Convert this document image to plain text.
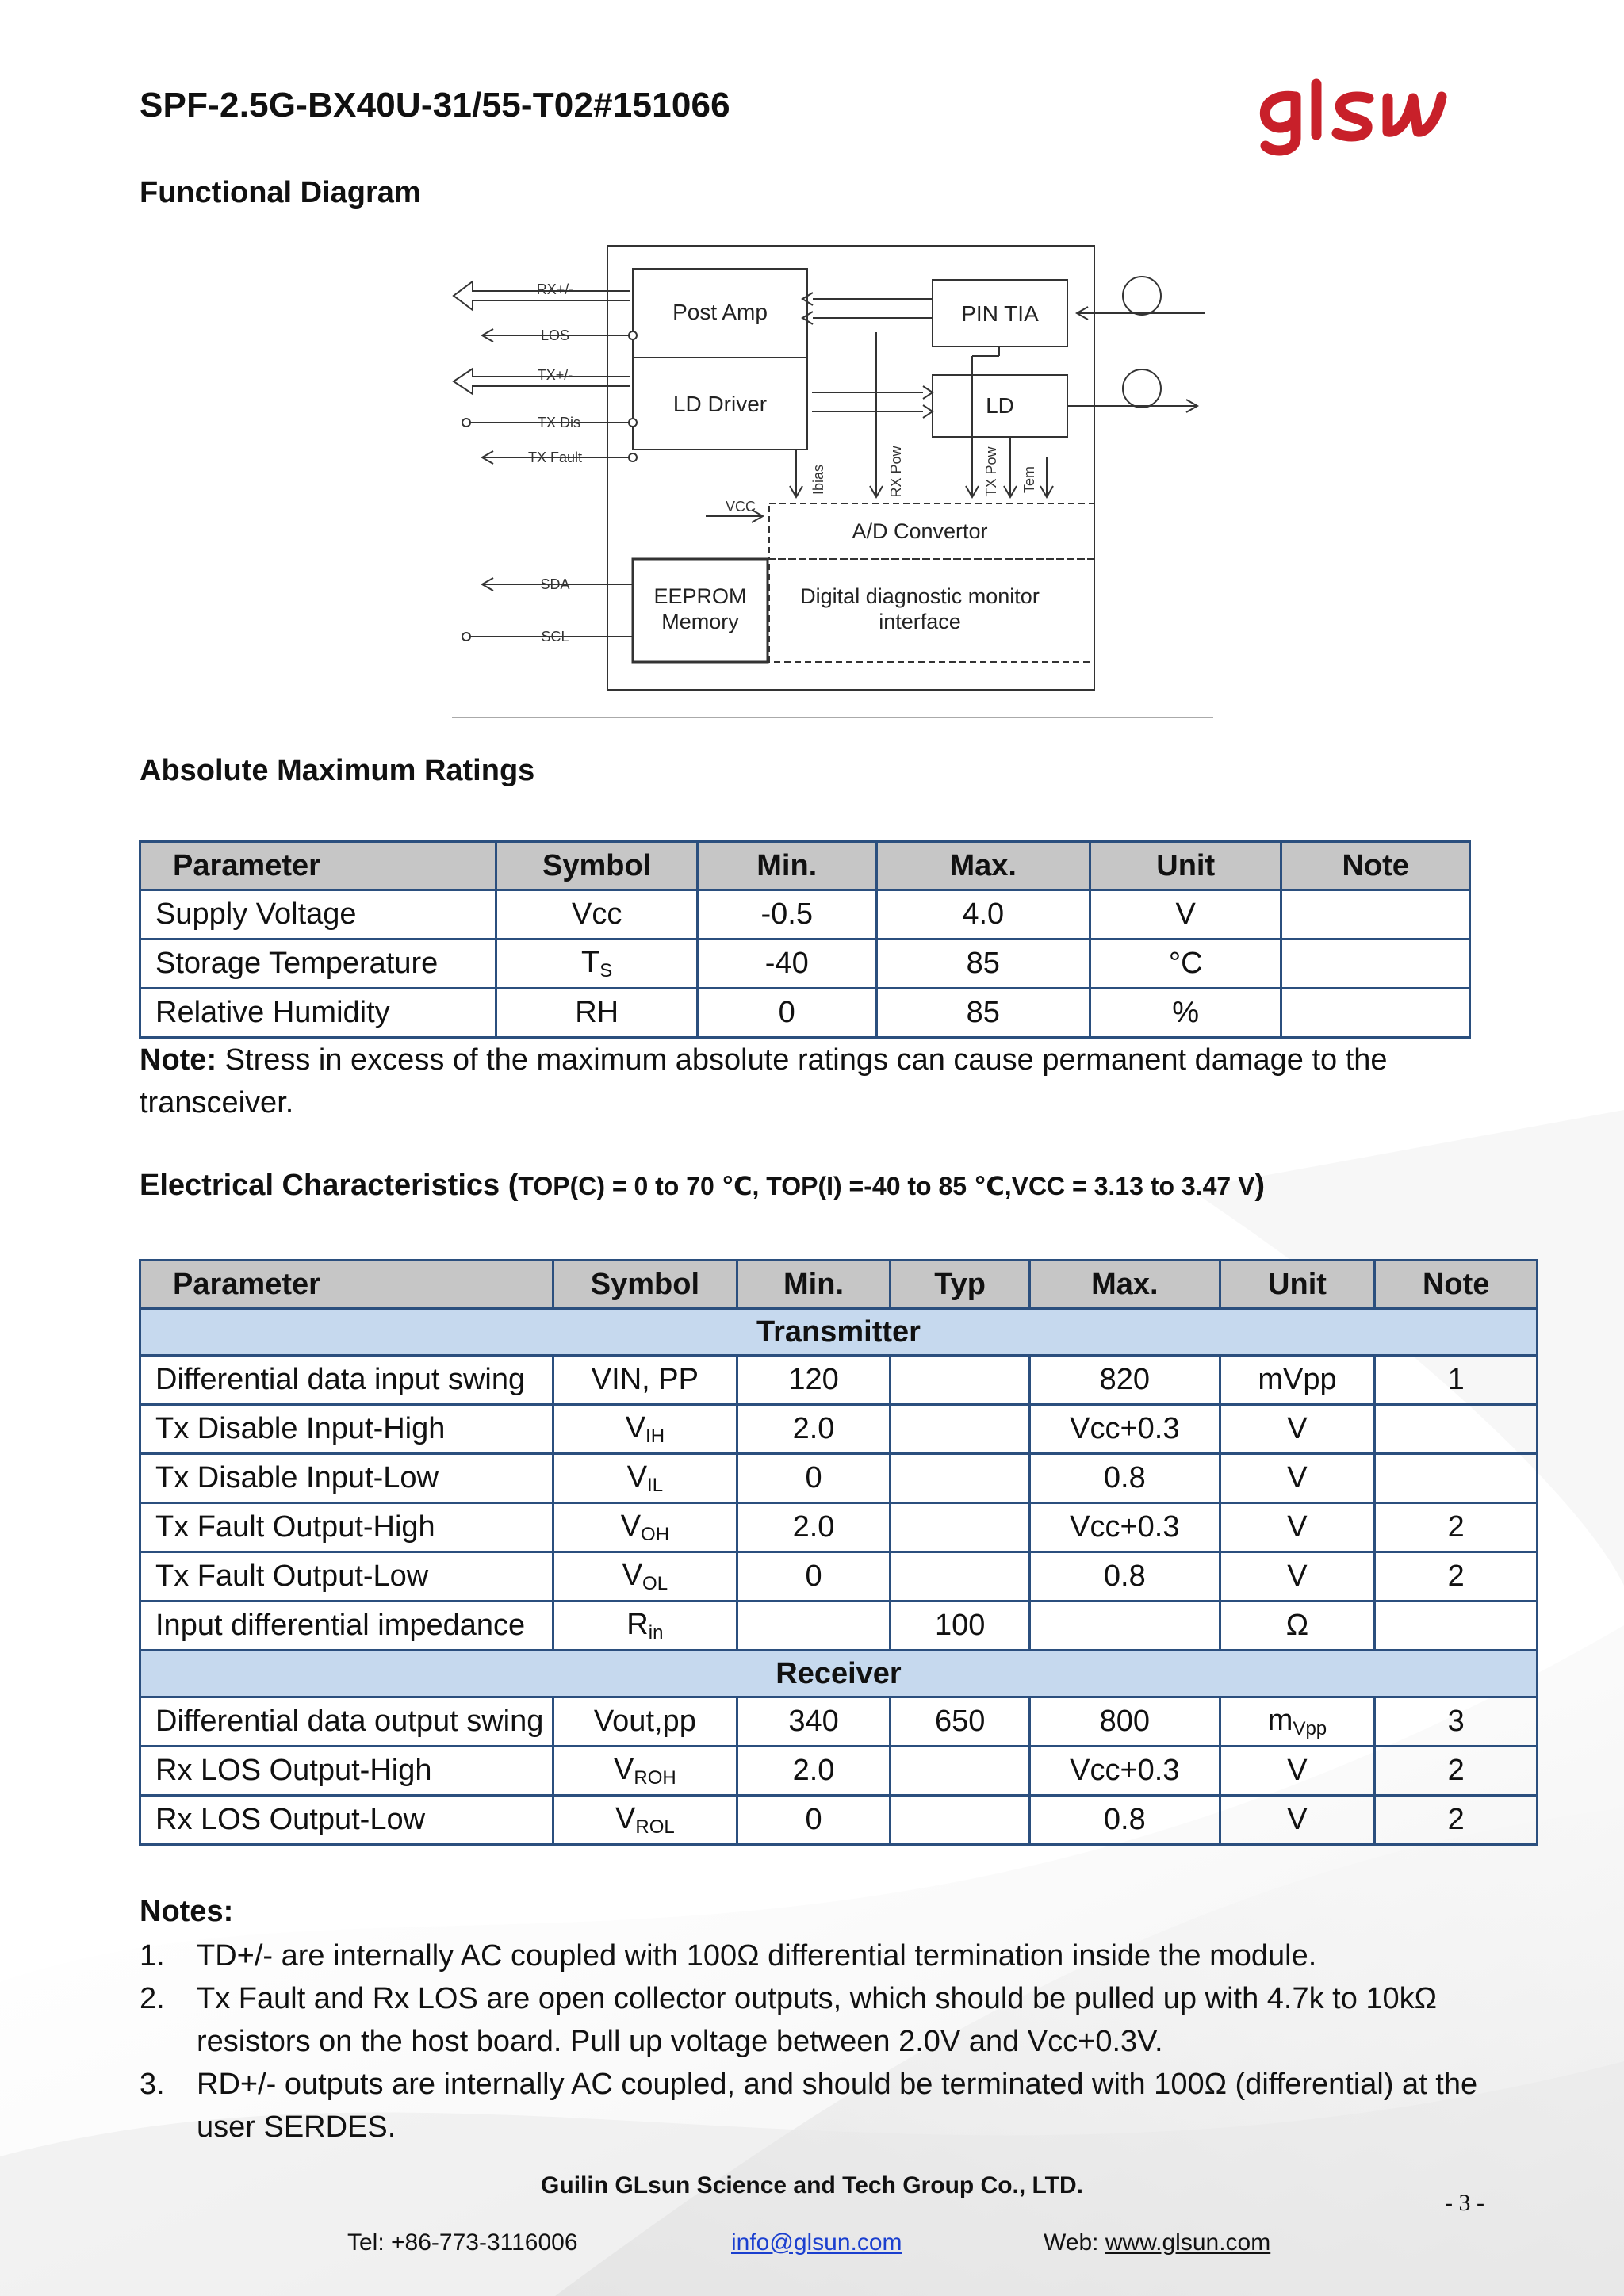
SPF-2.5G-BX40U-31/55-T02#151066
Functional Diagram
Post Amp
LD Driver
PIN TIA
LD
A/D Convertor
EEPROM
Memory
Digital diagnostic monitor
interface
RX+/-
LOS
TX+/-
TX Dis
TX Fault
VCC
SDA
SCL
Ibias	RX Pow	TX Pow Tem
Absolute Maximum Ratings
Parameter	Symbol	Min.	Max.	Unit	Note
Supply Voltage	Vcc	-0.5	4.0	V	
Storage Temperature	$T_S$	-40	85	°C	
Relative Humidity	RH	0	85	%	
Note: Stress in excess of the maximum absolute ratings can cause permanent damage to the transceiver.
Electrical Characteristics (TOP(C) = 0 to 70 ℃, TOP(I) =-40 to 85 ℃,VCC = 3.13 to 3.47 V)
Parameter	Symbol	Min.	Typ	Max.	Unit	Note
Transmitter						
Differential data input swing	VIN, PP	120		820	mVpp	1
Tx Disable Input-High	$V_{IH}$	2.0		Vcc+0.3	V	
Tx Disable Input-Low	$V_{IL}$	0		0.8	V	
Tx Fault Output-High	$V_{OH}$	2.0		Vcc+0.3	V	2
Tx Fault Output-Low	$V_{OL}$	0		0.8	V	2
Input differential impedance	$R_{in}$		100		Ω	
Receiver						
Differential data output swing	Vout,pp	340	650	800	$m_{Vpp}$	3
Rx LOS Output-High	$V_{ROH}$	2.0		Vcc+0.3	V	2
Rx LOS Output-Low	$V_{ROL}$	0		0.8	V	2
Notes:
1. TD+/- are internally AC coupled with 100Ω differential termination inside the module.
2. Tx Fault and Rx LOS are open collector outputs, which should be pulled up with 4.7k to 10kΩ resistors on the host board. Pull up voltage between 2.0V and Vcc+0.3V.
3. RD+/- outputs are internally AC coupled, and should be terminated with 100Ω (differential) at the user SERDES.
Guilin GLsun Science and Tech Group Co., LTD.
- 3 -
Tel: +86-773-3116006	info@glsun.com	Web: www.glsun.com
